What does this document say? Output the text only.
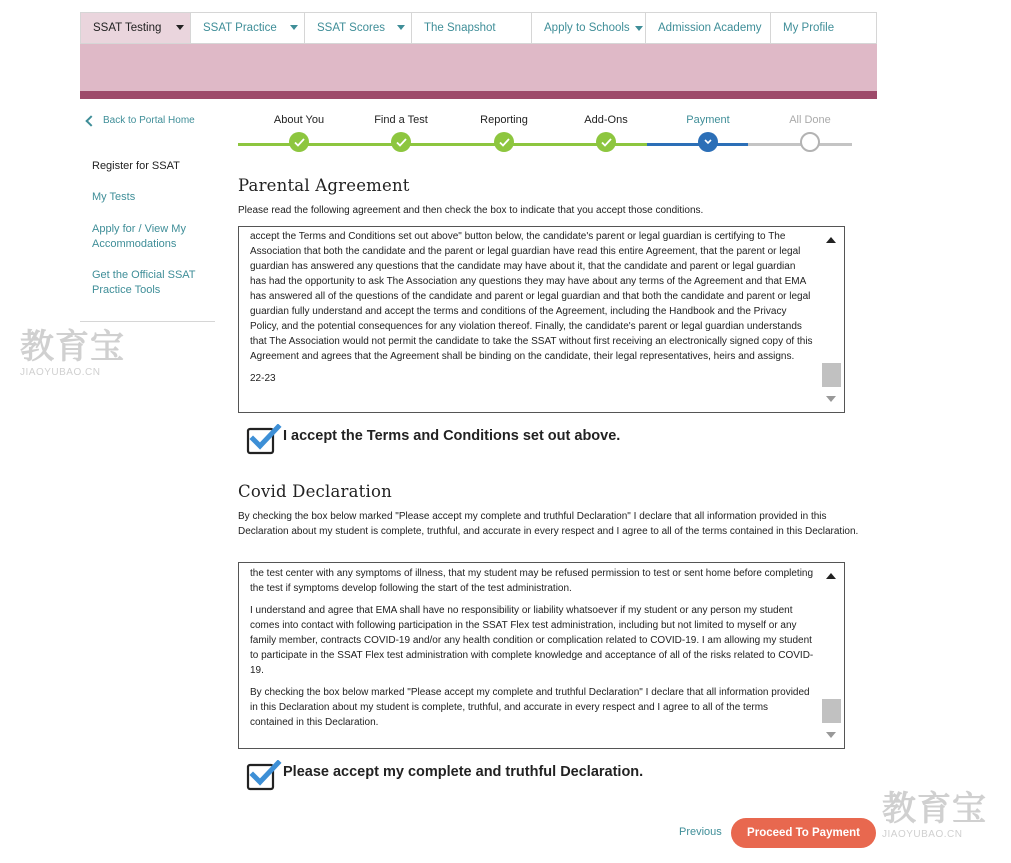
SSAT Testing	SSAT Practice	SSAT Scores	The Snapshot	Apply to Schools Admission Academy My Profile
Back to Portal Home
Register for SSAT
My Tests
Apply for / View My Accommodations
Get the Official SSAT Practice Tools
教育宝
JIAOYUBAO.CN
教育宝
JIAOYUBAO.CN
About You	Find a Test	Reporting	Add-Ons	Payment	All Done
Parental Agreement
Please read the following agreement and then check the box to indicate that you accept those conditions.

accept the Terms and Conditions set out above" button below, the candidate's parent or legal guardian is certifying to The Association that both the candidate and the parent or legal guardian have read this entire Agreement, that the parent or legal guardian has answered any questions that the candidate may have about it, that the candidate and parent or legal guardian has had the opportunity to ask The Association any questions they may have about any terms of the Agreement and that EMA has answered all of the questions of the candidate and parent or legal guardian and that both the candidate and parent or legal guardian fully understand and accept the terms and conditions of the Agreement, including the Handbook and the Privacy Policy, and the potential consequences for any violation thereof. Finally, the candidate's parent or legal guardian understands that The Association would not permit the candidate to take the SSAT without first receiving an electronically signed copy of this Agreement and agrees that the Agreement shall be binding on the candidate, their legal representatives, heirs and assigns.

22-23

I accept the Terms and Conditions set out above.
Covid Declaration
By checking the box below marked "Please accept my complete and truthful Declaration" I declare that all information provided in this Declaration about my student is complete, truthful, and accurate in every respect and I agree to all of the terms contained in this Declaration.

the test center with any symptoms of illness, that my student may be refused permission to test or sent home before completing the test if symptoms develop following the start of the test administration.

I understand and agree that EMA shall have no responsibility or liability whatsoever if my student or any person my student comes into contact with following participation in the SSAT Flex test administration, including but not limited to myself or any family member, contracts COVID-19 and/or any health condition or complication related to COVID-19. I am allowing my student to participate in the SSAT Flex test administration with complete knowledge and acceptance of all of the risks related to COVID-19.

By checking the box below marked "Please accept my complete and truthful Declaration" I declare that all information provided in this Declaration about my student is complete, truthful, and accurate in every respect and I agree to all of the terms contained in this Declaration.

Please accept my complete and truthful Declaration.
Previous	Proceed To Payment
